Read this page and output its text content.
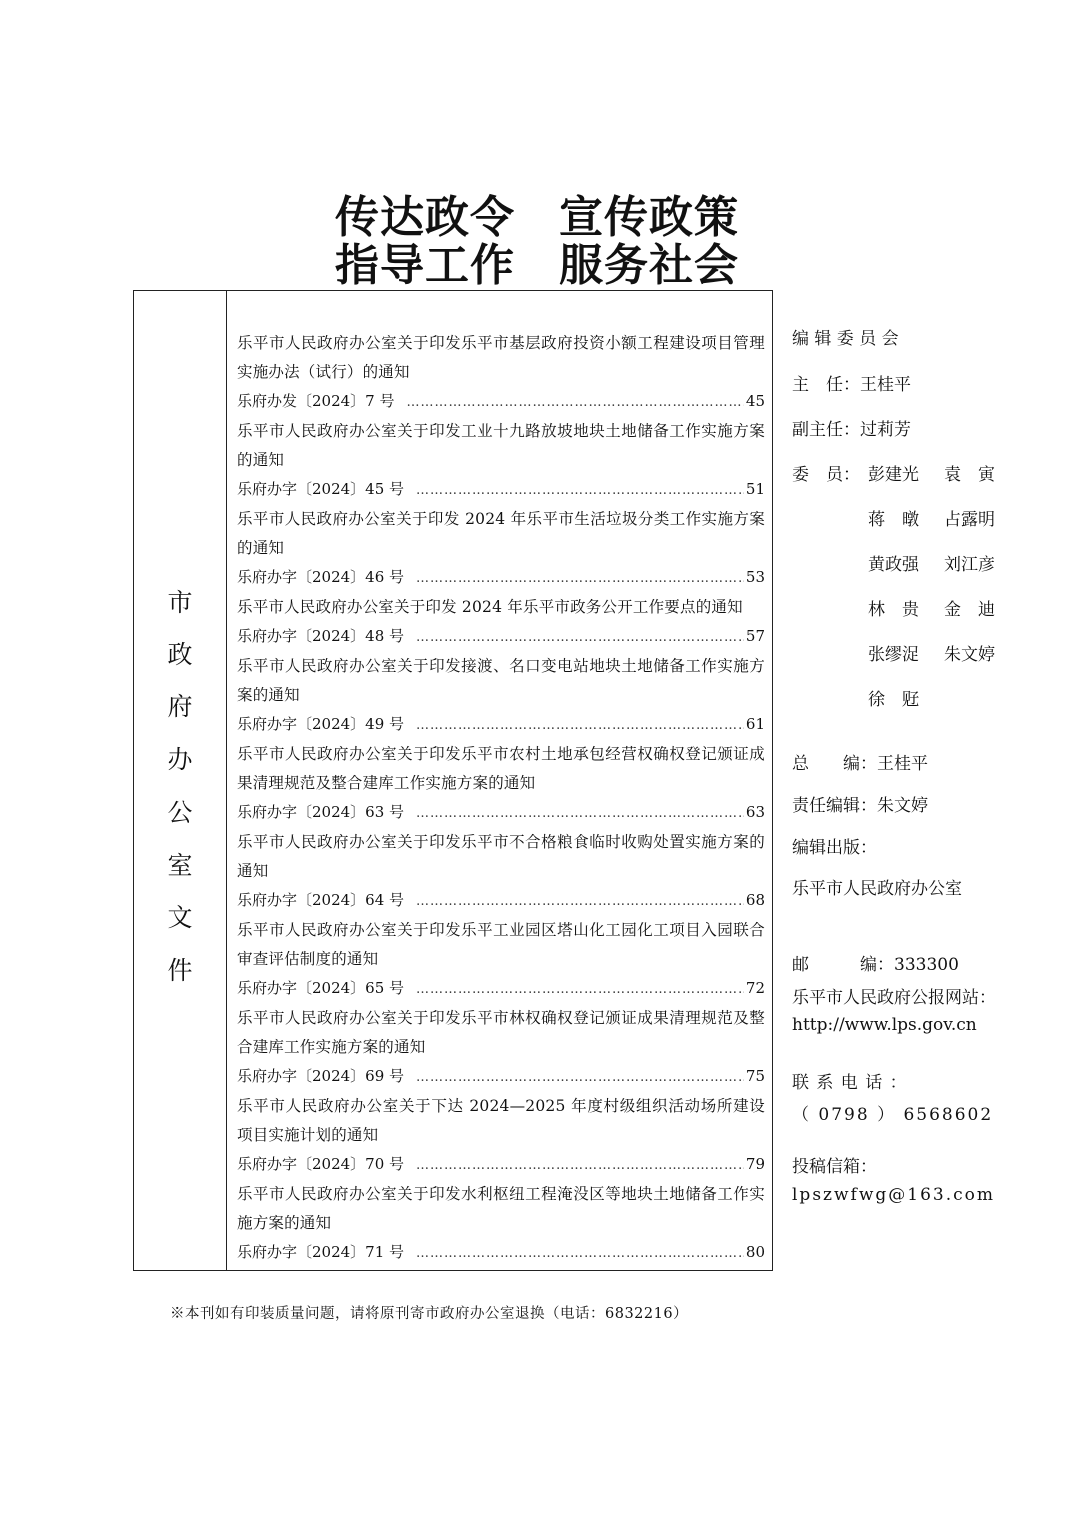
传达政令 宣传政策
指导工作 服务社会
市
政
府
办
公
室
文
件
乐平市人民政府办公室关于印发乐平市基层政府投资小额工程建设项目管理实施办法（试行）的通知
乐府办发〔2024〕7 号 …………………………………………………………………………………………………………………………	45
乐平市人民政府办公室关于印发工业十九路放坡地块土地储备工作实施方案的通知
乐府办字〔2024〕45 号 …………………………………………………………………………………………………………………………	51
乐平市人民政府办公室关于印发 2024 年乐平市生活垃圾分类工作实施方案的通知
乐府办字〔2024〕46 号 …………………………………………………………………………………………………………………………	53
乐平市人民政府办公室关于印发 2024 年乐平市政务公开工作要点的通知
乐府办字〔2024〕48 号 …………………………………………………………………………………………………………………………	57
乐平市人民政府办公室关于印发接渡、名口变电站地块土地储备工作实施方案的通知
乐府办字〔2024〕49 号 …………………………………………………………………………………………………………………………	61
乐平市人民政府办公室关于印发乐平市农村土地承包经营权确权登记颁证成果清理规范及整合建库工作实施方案的通知
乐府办字〔2024〕63 号 …………………………………………………………………………………………………………………………	63
乐平市人民政府办公室关于印发乐平市不合格粮食临时收购处置实施方案的通知
乐府办字〔2024〕64 号 …………………………………………………………………………………………………………………………	68
乐平市人民政府办公室关于印发乐平工业园区塔山化工园化工项目入园联合审查评估制度的通知
乐府办字〔2024〕65 号 …………………………………………………………………………………………………………………………	72
乐平市人民政府办公室关于印发乐平市林权确权登记颁证成果清理规范及整合建库工作实施方案的通知
乐府办字〔2024〕69 号 …………………………………………………………………………………………………………………………	75
乐平市人民政府办公室关于下达 2024—2025 年度村级组织活动场所建设项目实施计划的通知
乐府办字〔2024〕70 号 …………………………………………………………………………………………………………………………	79
乐平市人民政府办公室关于印发水利枢纽工程淹没区等地块土地储备工作实施方案的通知
乐府办字〔2024〕71 号 …………………………………………………………………………………………………………………………	80
编 辑 委 员 会
主　任：王桂平
副主任：过莉芳
委　员： 彭建光 袁　寅
蒋　暾 占露明
黄政强 刘江彦
林　贵 金　迪
张缪浞 朱文婷
徐　觃
总　　编：王桂平
责任编辑：朱文婷
编辑出版：
乐平市人民政府办公室
邮　　　编：333300
乐平市人民政府公报网站：
http://www.lps.gov.cn
联 系 电 话 ：
（ 0798 ） 6568602
投稿信箱：
lpszwfwg@163.com
※本刊如有印装质量问题，请将原刊寄市政府办公室退换（电话：6832216）
